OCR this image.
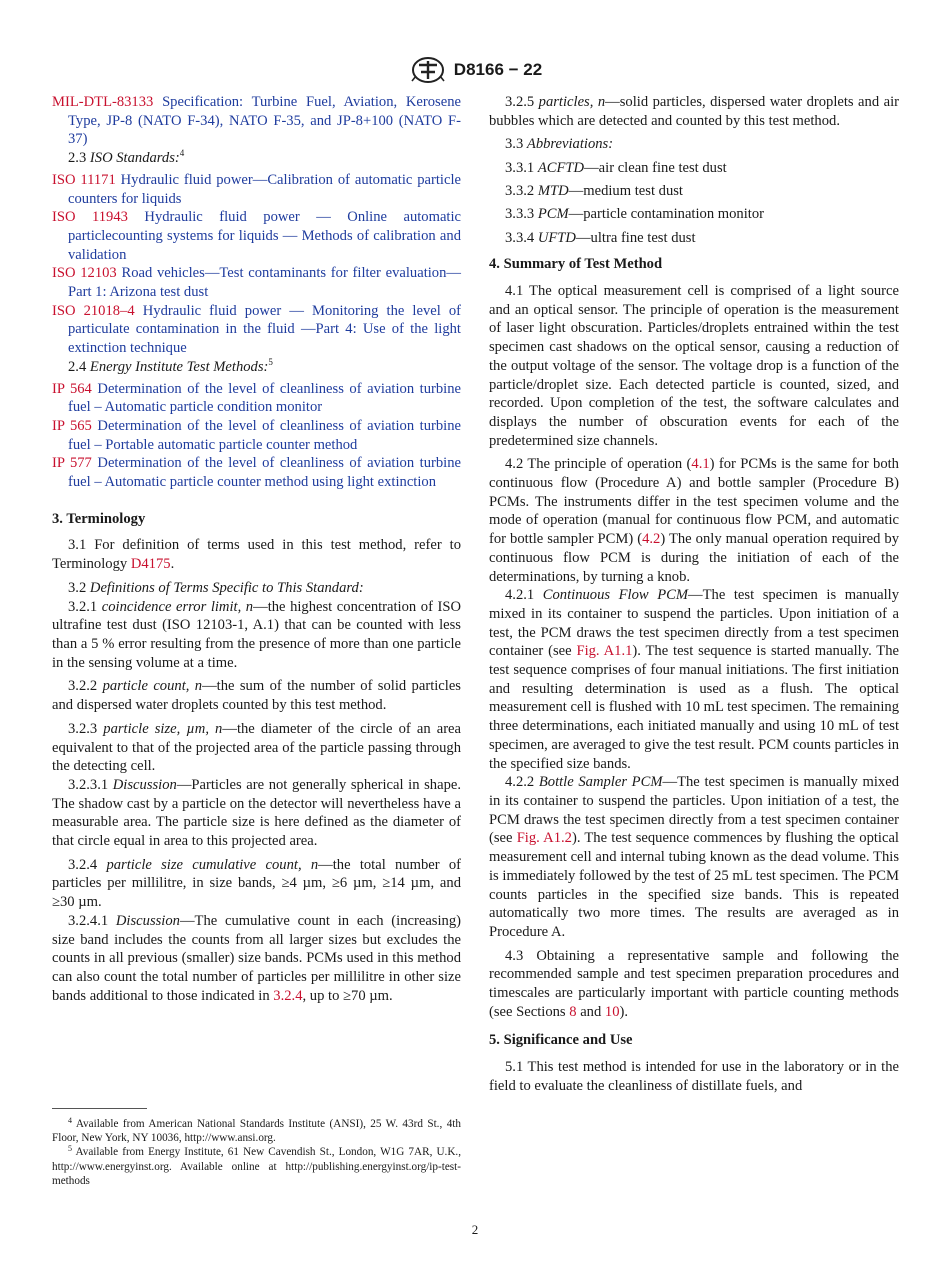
D8166 − 22
MIL-DTL-83133 Specification: Turbine Fuel, Aviation, Kerosene Type, JP-8 (NATO F-34), NATO F-35, and JP-8+100 (NATO F-37)
2.3 ISO Standards:$^4$
ISO 11171 Hydraulic fluid power—Calibration of automatic particle counters for liquids
ISO 11943 Hydraulic fluid power — Online automatic particlecounting systems for liquids — Methods of calibration and validation
ISO 12103 Road vehicles—Test contaminants for filter evaluation—Part 1: Arizona test dust
ISO 21018–4 Hydraulic fluid power — Monitoring the level of particulate contamination in the fluid —Part 4: Use of the light extinction technique
2.4 Energy Institute Test Methods:$^5$
IP 564 Determination of the level of cleanliness of aviation turbine fuel – Automatic particle condition monitor
IP 565 Determination of the level of cleanliness of aviation turbine fuel – Portable automatic particle counter method
IP 577 Determination of the level of cleanliness of aviation turbine fuel – Automatic particle counter method using light extinction
3. Terminology
3.1 For definition of terms used in this test method, refer to Terminology D4175.
3.2 Definitions of Terms Specific to This Standard:
3.2.1 coincidence error limit, n—the highest concentration of ISO ultrafine test dust (ISO 12103-1, A.1) that can be counted with less than a 5 % error resulting from the presence of more than one particle in the sensing volume at a time.
3.2.2 particle count, n—the sum of the number of solid particles and dispersed water droplets counted by this test method.
3.2.3 particle size, µm, n—the diameter of the circle of an area equivalent to that of the projected area of the particle passing through the detecting cell.
3.2.3.1 Discussion—Particles are not generally spherical in shape. The shadow cast by a particle on the detector will nevertheless have a measurable area. The particle size is here defined as the diameter of that circle equal in area to this projected area.
3.2.4 particle size cumulative count, n—the total number of particles per millilitre, in size bands, ≥4 µm, ≥6 µm, ≥14 µm, and ≥30 µm.
3.2.4.1 Discussion—The cumulative count in each (increasing) size band includes the counts from all larger sizes but excludes the counts in all previous (smaller) size bands. PCMs used in this method can also count the total number of particles per millilitre in other size bands additional to those indicated in 3.2.4, up to ≥70 µm.
$^4$ Available from American National Standards Institute (ANSI), 25 W. 43rd St., 4th Floor, New York, NY 10036, http://www.ansi.org.
$^5$ Available from Energy Institute, 61 New Cavendish St., London, W1G 7AR, U.K., http://www.energyinst.org. Available online at http://publishing.energyinst.org/ip-test-methods
3.2.5 particles, n—solid particles, dispersed water droplets and air bubbles which are detected and counted by this test method.
3.3 Abbreviations:
3.3.1 ACFTD—air clean fine test dust
3.3.2 MTD—medium test dust
3.3.3 PCM—particle contamination monitor
3.3.4 UFTD—ultra fine test dust
4. Summary of Test Method
4.1 The optical measurement cell is comprised of a light source and an optical sensor. The principle of operation is the measurement of laser light obscuration. Particles/droplets entrained within the test specimen cast shadows on the optical sensor, causing a reduction of the output voltage of the sensor. The voltage drop is a function of the particle/droplet size. Each detected particle is counted, sized, and recorded. Upon completion of the test, the software calculates and displays the number of obscuration events for each of the predetermined size channels.
4.2 The principle of operation (4.1) for PCMs is the same for both continuous flow (Procedure A) and bottle sampler (Procedure B) PCMs. The instruments differ in the test specimen volume and the mode of operation (manual for continuous flow PCM, and automatic for bottle sampler PCM) (4.2) The only manual operation required by continuous flow PCM is during the initiation of each of the determinations, by turning a knob.
4.2.1 Continuous Flow PCM—The test specimen is manually mixed in its container to suspend the particles. Upon initiation of a test, the PCM draws the test specimen directly from a test specimen container (see Fig. A1.1). The test sequence is started manually. The test sequence comprises of four manual initiations. The first initiation and resulting determination is used as a flush. The optical measurement cell is flushed with 10 mL test specimen. The remaining three determinations, each initiated manually and using 10 mL of test specimen, are averaged to give the test result. PCM counts particles in the specified size bands.
4.2.2 Bottle Sampler PCM—The test specimen is manually mixed in its container to suspend the particles. Upon initiation of a test, the PCM draws the test specimen directly from a test specimen container (see Fig. A1.2). The test sequence commences by flushing the optical measurement cell and internal tubing known as the dead volume. This is immediately followed by the test of 25 mL test specimen. The PCM counts particles in the specified size bands. This is repeated automatically two more times. The results are averaged as in Procedure A.
4.3 Obtaining a representative sample and following the recommended sample and test specimen preparation procedures and timescales are particularly important with particle counting methods (see Sections 8 and 10).
5. Significance and Use
5.1 This test method is intended for use in the laboratory or in the field to evaluate the cleanliness of distillate fuels, and
2
